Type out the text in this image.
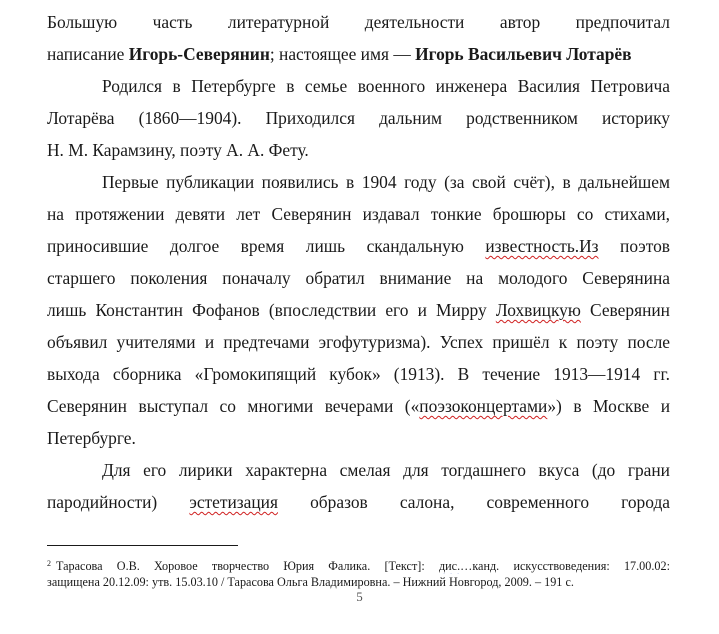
Большую часть литературной деятельности автор предпочитал
написание Игорь-Северянин; настоящее имя — Игорь Васильевич Лотарёв
Родился в Петербурге в семье военного инженера Василия Петровича
Лотарёва (1860—1904). Приходился дальним родственником историку
Н. М. Карамзину, поэту А. А. Фету.
Первые публикации появились в 1904 году (за свой счёт), в дальнейшем
на протяжении девяти лет Северянин издавал тонкие брошюры со стихами,
приносившие долгое время лишь скандальную известность.Из поэтов
старшего поколения поначалу обратил внимание на молодого Северянина
лишь Константин Фофанов (впоследствии его и Мирру Лохвицкую Северянин
объявил учителями и предтечами эгофутуризма). Успех пришёл к поэту после
выхода сборника «Громокипящий кубок» (1913). В течение 1913—1914 гг.
Северянин выступал со многими вечерами («поэзоконцертами») в Москве и
Петербурге.
Для его лирики характерна смелая для тогдашнего вкуса (до грани
пародийности) эстетизация образов салона, современного города
$^2$ Тарасова О.В. Хоровое творчество Юрия Фалика. [Текст]: дис.…канд. искусствоведения: 17.00.02:
защищена 20.12.09: утв. 15.03.10 / Тарасова Ольга Владимировна. – Нижний Новгород, 2009. – 191 с.
5
